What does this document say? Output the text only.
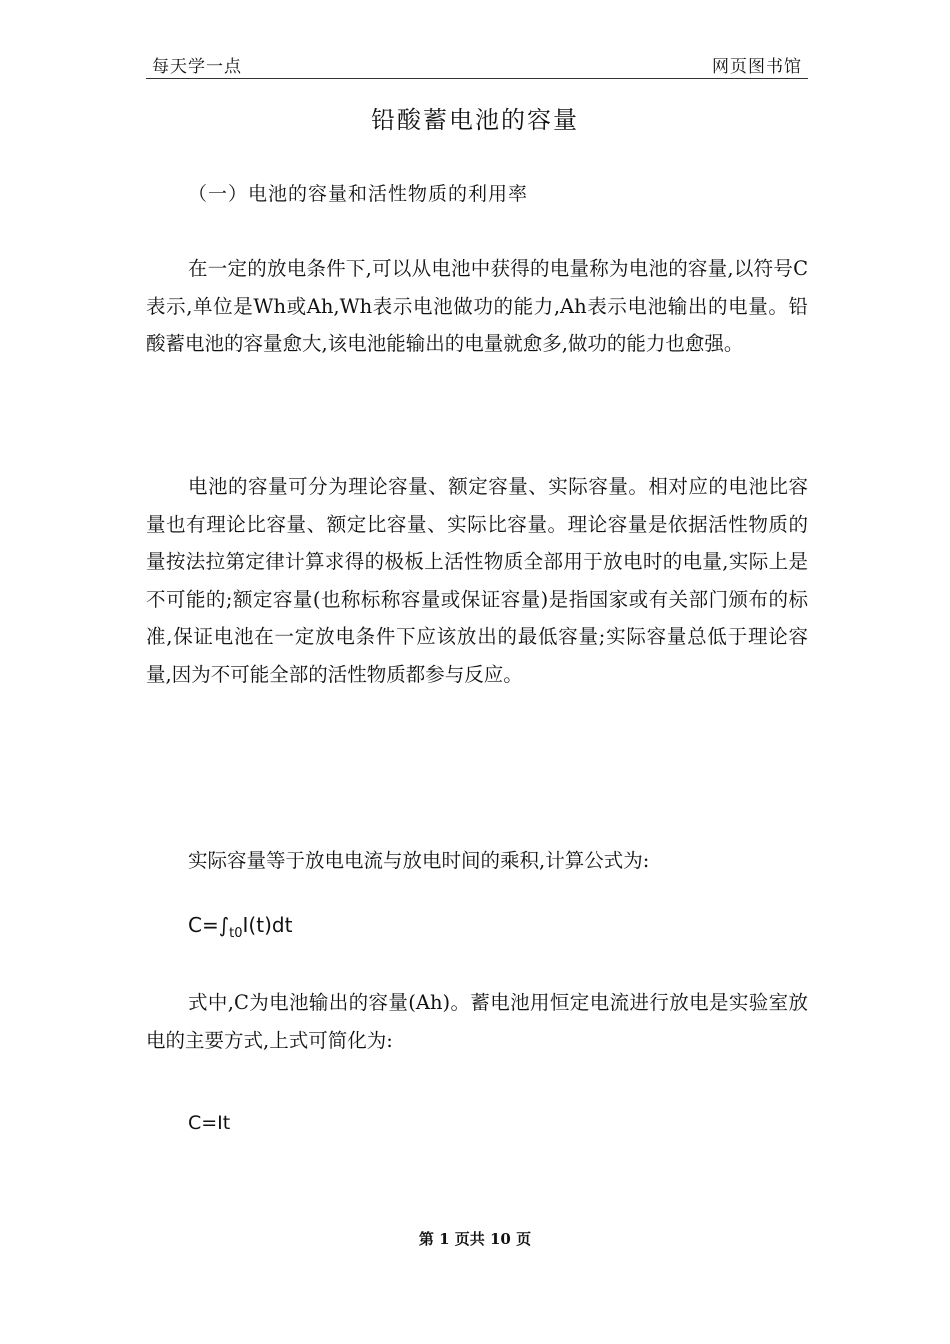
每天学一点	网页图书馆
铅酸蓄电池的容量
（一）电池的容量和活性物质的利用率

在一定的放电条件下,可以从电池中获得的电量称为电池的容量,以符号C表示,单位是Wh或Ah,Wh表示电池做功的能力,Ah表示电池输出的电量。铅酸蓄电池的容量愈大,该电池能输出的电量就愈多,做功的能力也愈强。

电池的容量可分为理论容量、额定容量、实际容量。相对应的电池比容量也有理论比容量、额定比容量、实际比容量。理论容量是依据活性物质的量按法拉第定律计算求得的极板上活性物质全部用于放电时的电量,实际上是不可能的;额定容量(也称标称容量或保证容量)是指国家或有关部门颁布的标准,保证电池在一定放电条件下应该放出的最低容量;实际容量总低于理论容量,因为不可能全部的活性物质都参与反应。

实际容量等于放电电流与放电时间的乘积,计算公式为:

$C=\int_{t0}I(t)dt$

式中,C为电池输出的容量(Ah)。蓄电池用恒定电流进行放电是实验室放电的主要方式,上式可简化为:

C=It
第 1 页共 10 页
